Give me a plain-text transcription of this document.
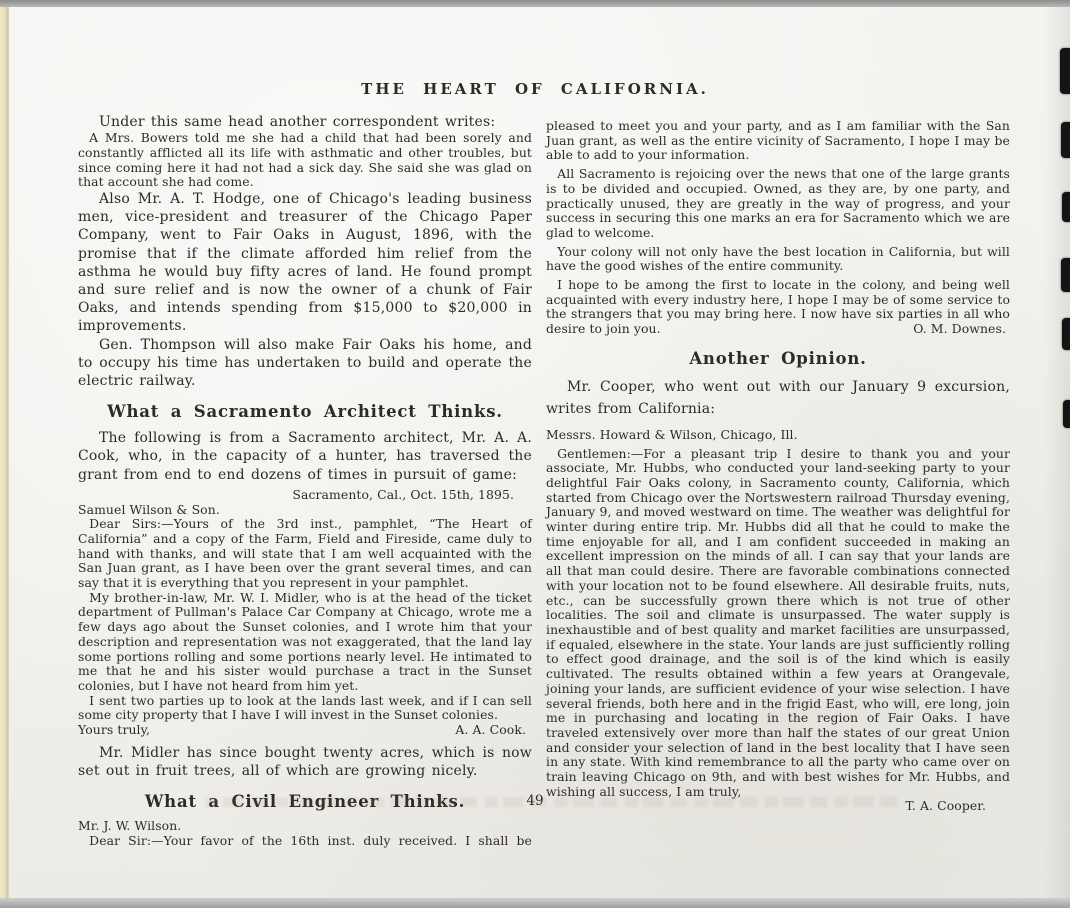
THE HEART OF CALIFORNIA.

Under this same head another correspondent writes:

A Mrs. Bowers told me she had a child that had been sorely and constantly afflicted all its life with asthmatic and other troubles, but since coming here it had not had a sick day. She said she was glad on that account she had come.

Also Mr. A. T. Hodge, one of Chicago's leading business men, vice-president and treasurer of the Chicago Paper Company, went to Fair Oaks in August, 1896, with the promise that if the climate afforded him relief from the asthma he would buy fifty acres of land. He found prompt and sure relief and is now the owner of a chunk of Fair Oaks, and intends spending from $15,000 to $20,000 in improvements.

Gen. Thompson will also make Fair Oaks his home, and to occupy his time has undertaken to build and operate the electric railway.

What a Sacramento Architect Thinks.

The following is from a Sacramento architect, Mr. A. A. Cook, who, in the capacity of a hunter, has traversed the grant from end to end dozens of times in pursuit of game:

Sacramento, Cal., Oct. 15th, 1895.

Samuel Wilson & Son.

Dear Sirs:—Yours of the 3rd inst., pamphlet, “The Heart of California” and a copy of the Farm, Field and Fireside, came duly to hand with thanks, and will state that I am well acquainted with the San Juan grant, as I have been over the grant several times, and can say that it is everything that you represent in your pamphlet.

My brother-in-law, Mr. W. I. Midler, who is at the head of the ticket department of Pullman's Palace Car Company at Chicago, wrote me a few days ago about the Sunset colonies, and I wrote him that your description and representation was not exaggerated, that the land lay some portions rolling and some portions nearly level. He intimated to me that he and his sister would purchase a tract in the Sunset colonies, but I have not heard from him yet.

I sent two parties up to look at the lands last week, and if I can sell some city property that I have I will invest in the Sunset colonies.

Yours truly,	A. A. Cook.

Mr. Midler has since bought twenty acres, which is now set out in fruit trees, all of which are growing nicely.

What a Civil Engineer Thinks.

Mr. J. W. Wilson.

Dear Sir:—Your favor of the 16th inst. duly received. I shall be

pleased to meet you and your party, and as I am familiar with the San Juan grant, as well as the entire vicinity of Sacramento, I hope I may be able to add to your information.

All Sacramento is rejoicing over the news that one of the large grants is to be divided and occupied. Owned, as they are, by one party, and practically unused, they are greatly in the way of progress, and your success in securing this one marks an era for Sacramento which we are glad to welcome.

Your colony will not only have the best location in California, but will have the good wishes of the entire community.

I hope to be among the first to locate in the colony, and being well acquainted with every industry here, I hope I may be of some service to the strangers that you may bring here. I now have six parties in all who desire to join you.	O. M. Downes.

Another Opinion.

Mr. Cooper, who went out with our January 9 excursion, writes from California:

Messrs. Howard & Wilson, Chicago, Ill.

Gentlemen:—For a pleasant trip I desire to thank you and your associate, Mr. Hubbs, who conducted your land-seeking party to your delightful Fair Oaks colony, in Sacramento county, California, which started from Chicago over the Nortswestern railroad Thursday evening, January 9, and moved westward on time. The weather was delightful for winter during entire trip. Mr. Hubbs did all that he could to make the time enjoyable for all, and I am confident succeeded in making an excellent impression on the minds of all. I can say that your lands are all that man could desire. There are favorable combinations connected with your location not to be found elsewhere. All desirable fruits, nuts, etc., can be successfully grown there which is not true of other localities. The soil and climate is unsurpassed. The water supply is inexhaustible and of best quality and market facilities are unsurpassed, if equaled, elsewhere in the state. Your lands are just sufficiently rolling to effect good drainage, and the soil is of the kind which is easily cultivated. The results obtained within a few years at Orangevale, joining your lands, are sufficient evidence of your wise selection. I have several friends, both here and in the frigid East, who will, ere long, join me in purchasing and locating in the region of Fair Oaks. I have traveled extensively over more than half the states of our great Union and consider your selection of land in the best locality that I have seen in any state. With kind remembrance to all the party who came over on train leaving Chicago on 9th, and with best wishes for Mr. Hubbs, and wishing all success, I am truly,

T. A. Cooper.

49
